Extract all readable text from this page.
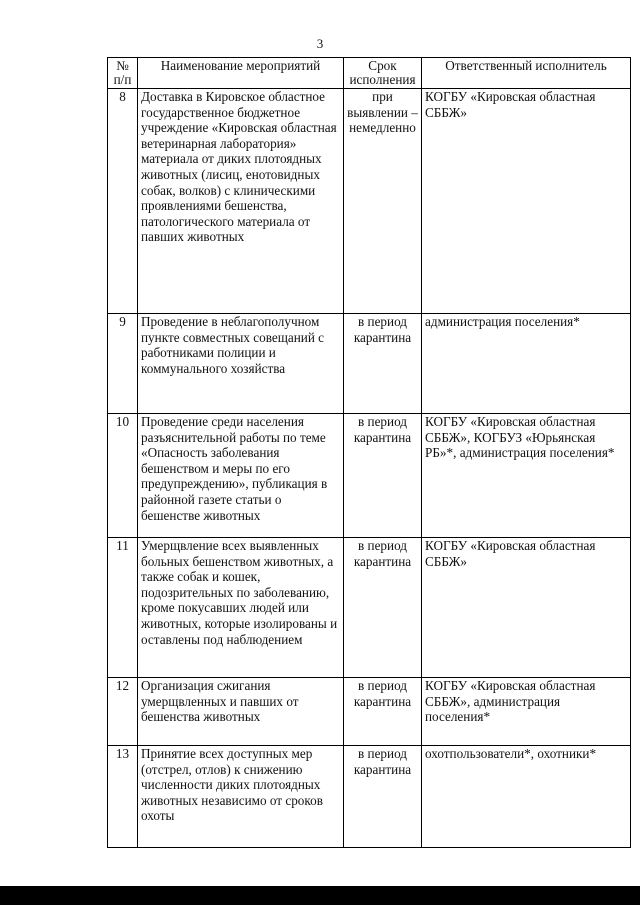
3
№ п/п	Наименование мероприятий	Срок исполнения	Ответственный исполнитель
8	Доставка в Кировское областное государственное бюджетное учреждение «Кировская областная ветеринарная лаборатория» материала от диких плотоядных животных (лисиц, енотовидных собак, волков) с клиническими проявлениями бешенства, патологического материала от павших животных	при выявлении – немедленно	КОГБУ «Кировская областная СББЖ»
9	Проведение в неблагополучном пункте совместных совещаний с работниками полиции и коммунального хозяйства	в период карантина	администрация поселения*
10	Проведение среди населения разъяснительной работы по теме «Опасность заболевания бешенством и меры по его предупреждению», публикация в районной газете статьи о бешенстве животных	в период карантина	КОГБУ «Кировская областная СББЖ», КОГБУЗ «Юрьянская РБ»*, администрация поселения*
11	Умерщвление всех выявленных больных бешенством животных, а также собак и кошек, подозрительных по заболеванию, кроме покусавших людей или животных, которые изолированы и оставлены под наблюдением	в период карантина	КОГБУ «Кировская областная СББЖ»
12	Организация сжигания умерщвленных и павших от бешенства животных	в период карантина	КОГБУ «Кировская областная СББЖ», администрация поселения*
13	Принятие всех доступных мер (отстрел, отлов) к снижению численности диких плотоядных животных независимо от сроков охоты	в период карантина	охотпользователи*, охотники*
